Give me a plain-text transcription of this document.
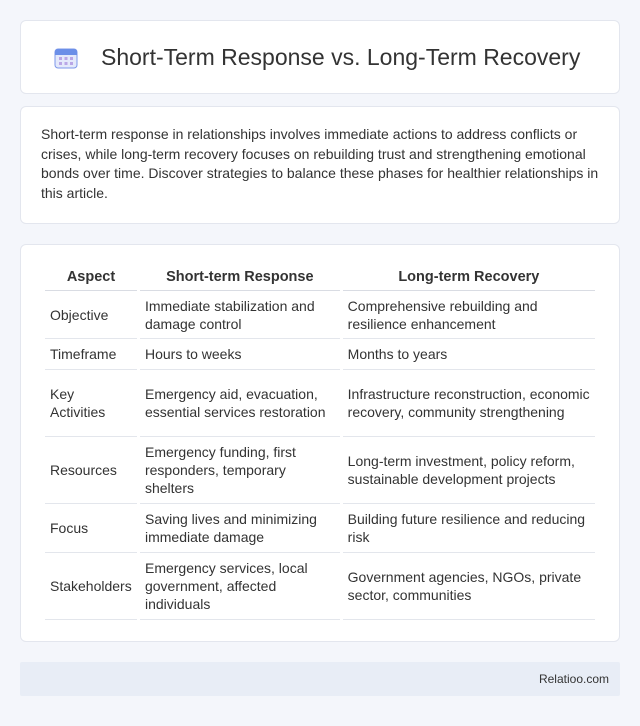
Short-Term Response vs. Long-Term Recovery

Short-term response in relationships involves immediate actions to address conflicts or crises, while long-term recovery focuses on rebuilding trust and strengthening emotional bonds over time. Discover strategies to balance these phases for healthier relationships in this article.

Aspect	Short-term Response	Long-term Recovery
Objective	Immediate stabilization and damage control	Comprehensive rebuilding and resilience enhancement
Timeframe	Hours to weeks	Months to years
Key Activities	Emergency aid, evacuation, essential services restoration	Infrastructure reconstruction, economic recovery, community strengthening
Resources	Emergency funding, first responders, temporary shelters	Long-term investment, policy reform, sustainable development projects
Focus	Saving lives and minimizing immediate damage	Building future resilience and reducing risk
Stakeholders	Emergency services, local government, affected individuals	Government agencies, NGOs, private sector, communities
Relatioo.com
